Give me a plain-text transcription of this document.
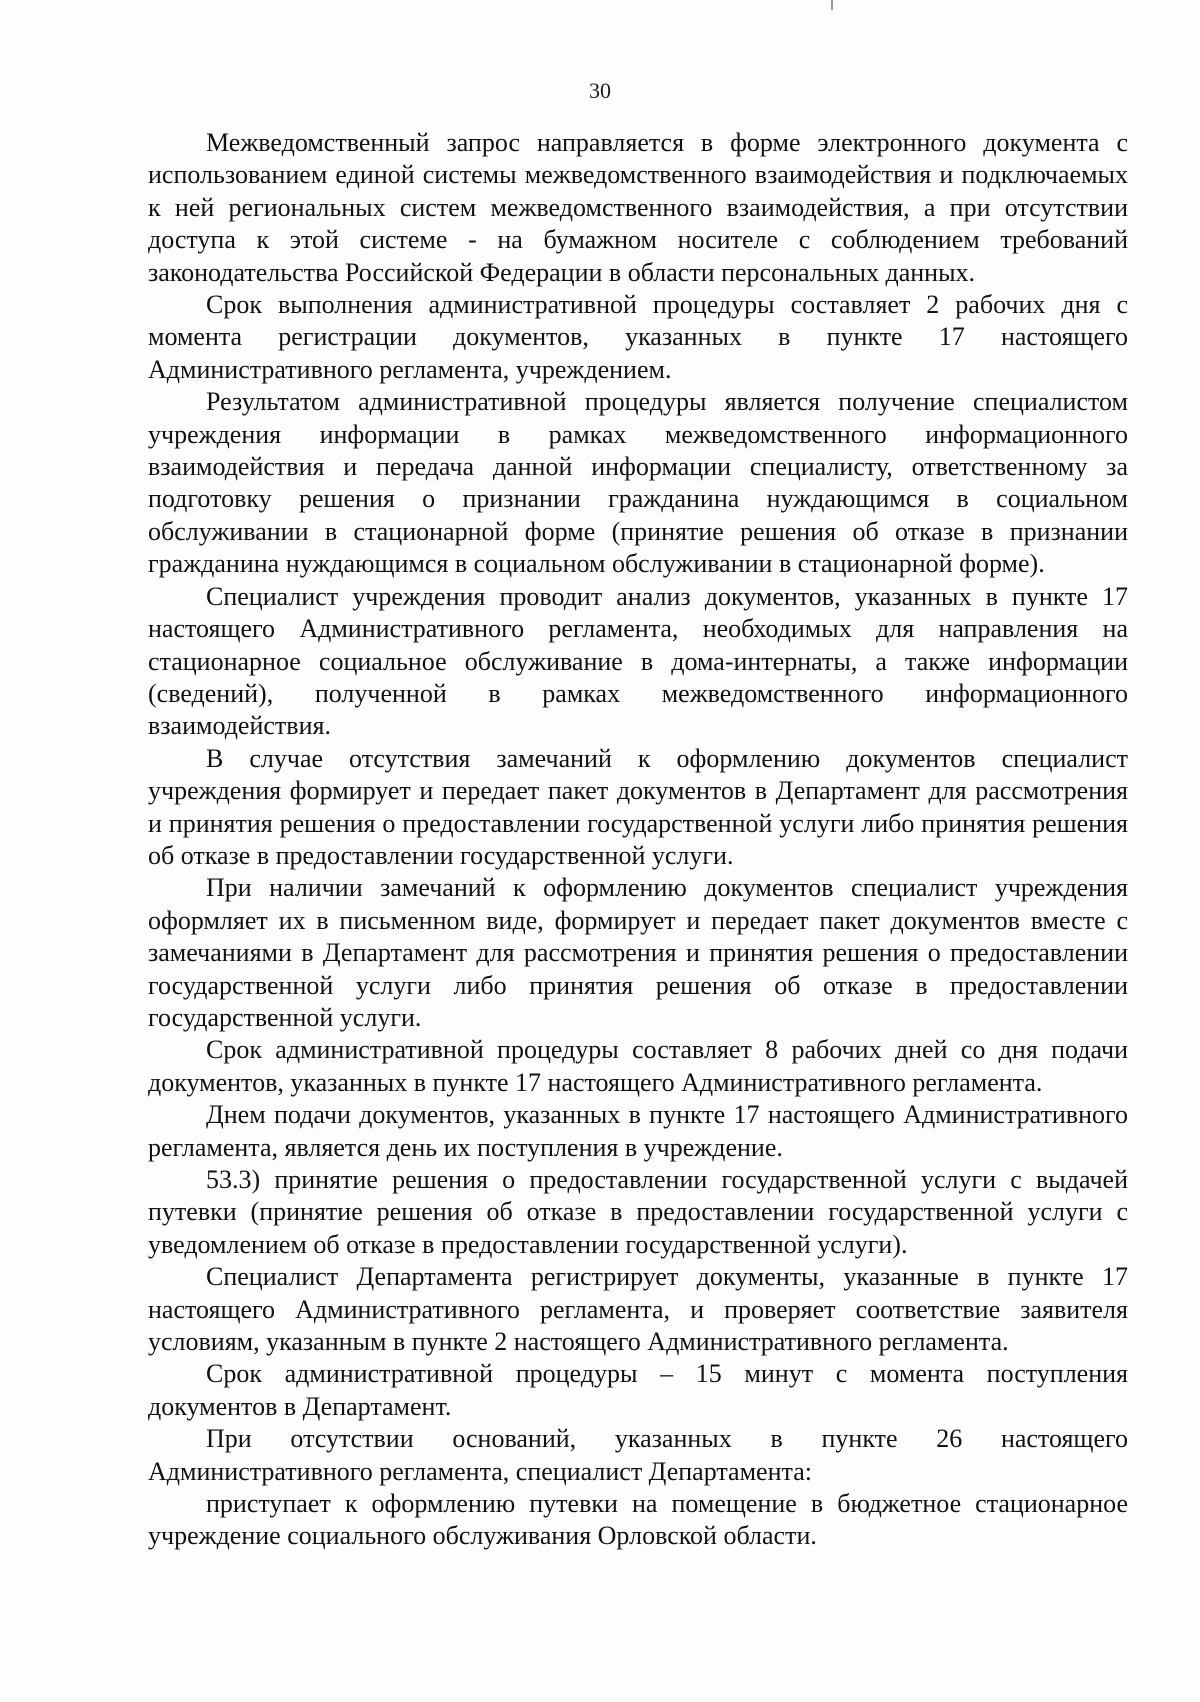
30

Межведомственный запрос направляется в форме электронного документа с использованием единой системы межведомственного взаимодействия и подключаемых к ней региональных систем межведомственного взаимодействия, а при отсутствии доступа к этой системе - на бумажном носителе с соблюдением требований законодательства Российской Федерации в области персональных данных.

Срок выполнения административной процедуры составляет 2 рабочих дня с момента регистрации документов, указанных в пункте 17 настоящего Административного регламента, учреждением.

Результатом административной процедуры является получение специалистом учреждения информации в рамках межведомственного информационного взаимодействия и передача данной информации специалисту, ответственному за подготовку решения о признании гражданина нуждающимся в социальном обслуживании в стационарной форме (принятие решения об отказе в признании гражданина нуждающимся в социальном обслуживании в стационарной форме).

Специалист учреждения проводит анализ документов, указанных в пункте 17 настоящего Административного регламента, необходимых для направления на стационарное социальное обслуживание в дома-интернаты, а также информации (сведений), полученной в рамках межведомственного информационного взаимодействия.

В случае отсутствия замечаний к оформлению документов специалист учреждения формирует и передает пакет документов в Департамент для рассмотрения и принятия решения о предоставлении государственной услуги либо принятия решения об отказе в предоставлении государственной услуги.

При наличии замечаний к оформлению документов специалист учреждения оформляет их в письменном виде, формирует и передает пакет документов вместе с замечаниями в Департамент для рассмотрения и принятия решения о предоставлении государственной услуги либо принятия решения об отказе в предоставлении государственной услуги.

Срок административной процедуры составляет 8 рабочих дней со дня подачи документов, указанных в пункте 17 настоящего Административного регламента.

Днем подачи документов, указанных в пункте 17 настоящего Административного регламента, является день их поступления в учреждение.

53.3) принятие решения о предоставлении государственной услуги с выдачей путевки (принятие решения об отказе в предоставлении государственной услуги с уведомлением об отказе в предоставлении государственной услуги).

Специалист Департамента регистрирует документы, указанные в пункте 17 настоящего Административного регламента, и проверяет соответствие заявителя условиям, указанным в пункте 2 настоящего Административного регламента.

Срок административной процедуры – 15 минут с момента поступления документов в Департамент.

При отсутствии оснований, указанных в пункте 26 настоящего Административного регламента, специалист Департамента:

приступает к оформлению путевки на помещение в бюджетное стационарное учреждение социального обслуживания Орловской области.
